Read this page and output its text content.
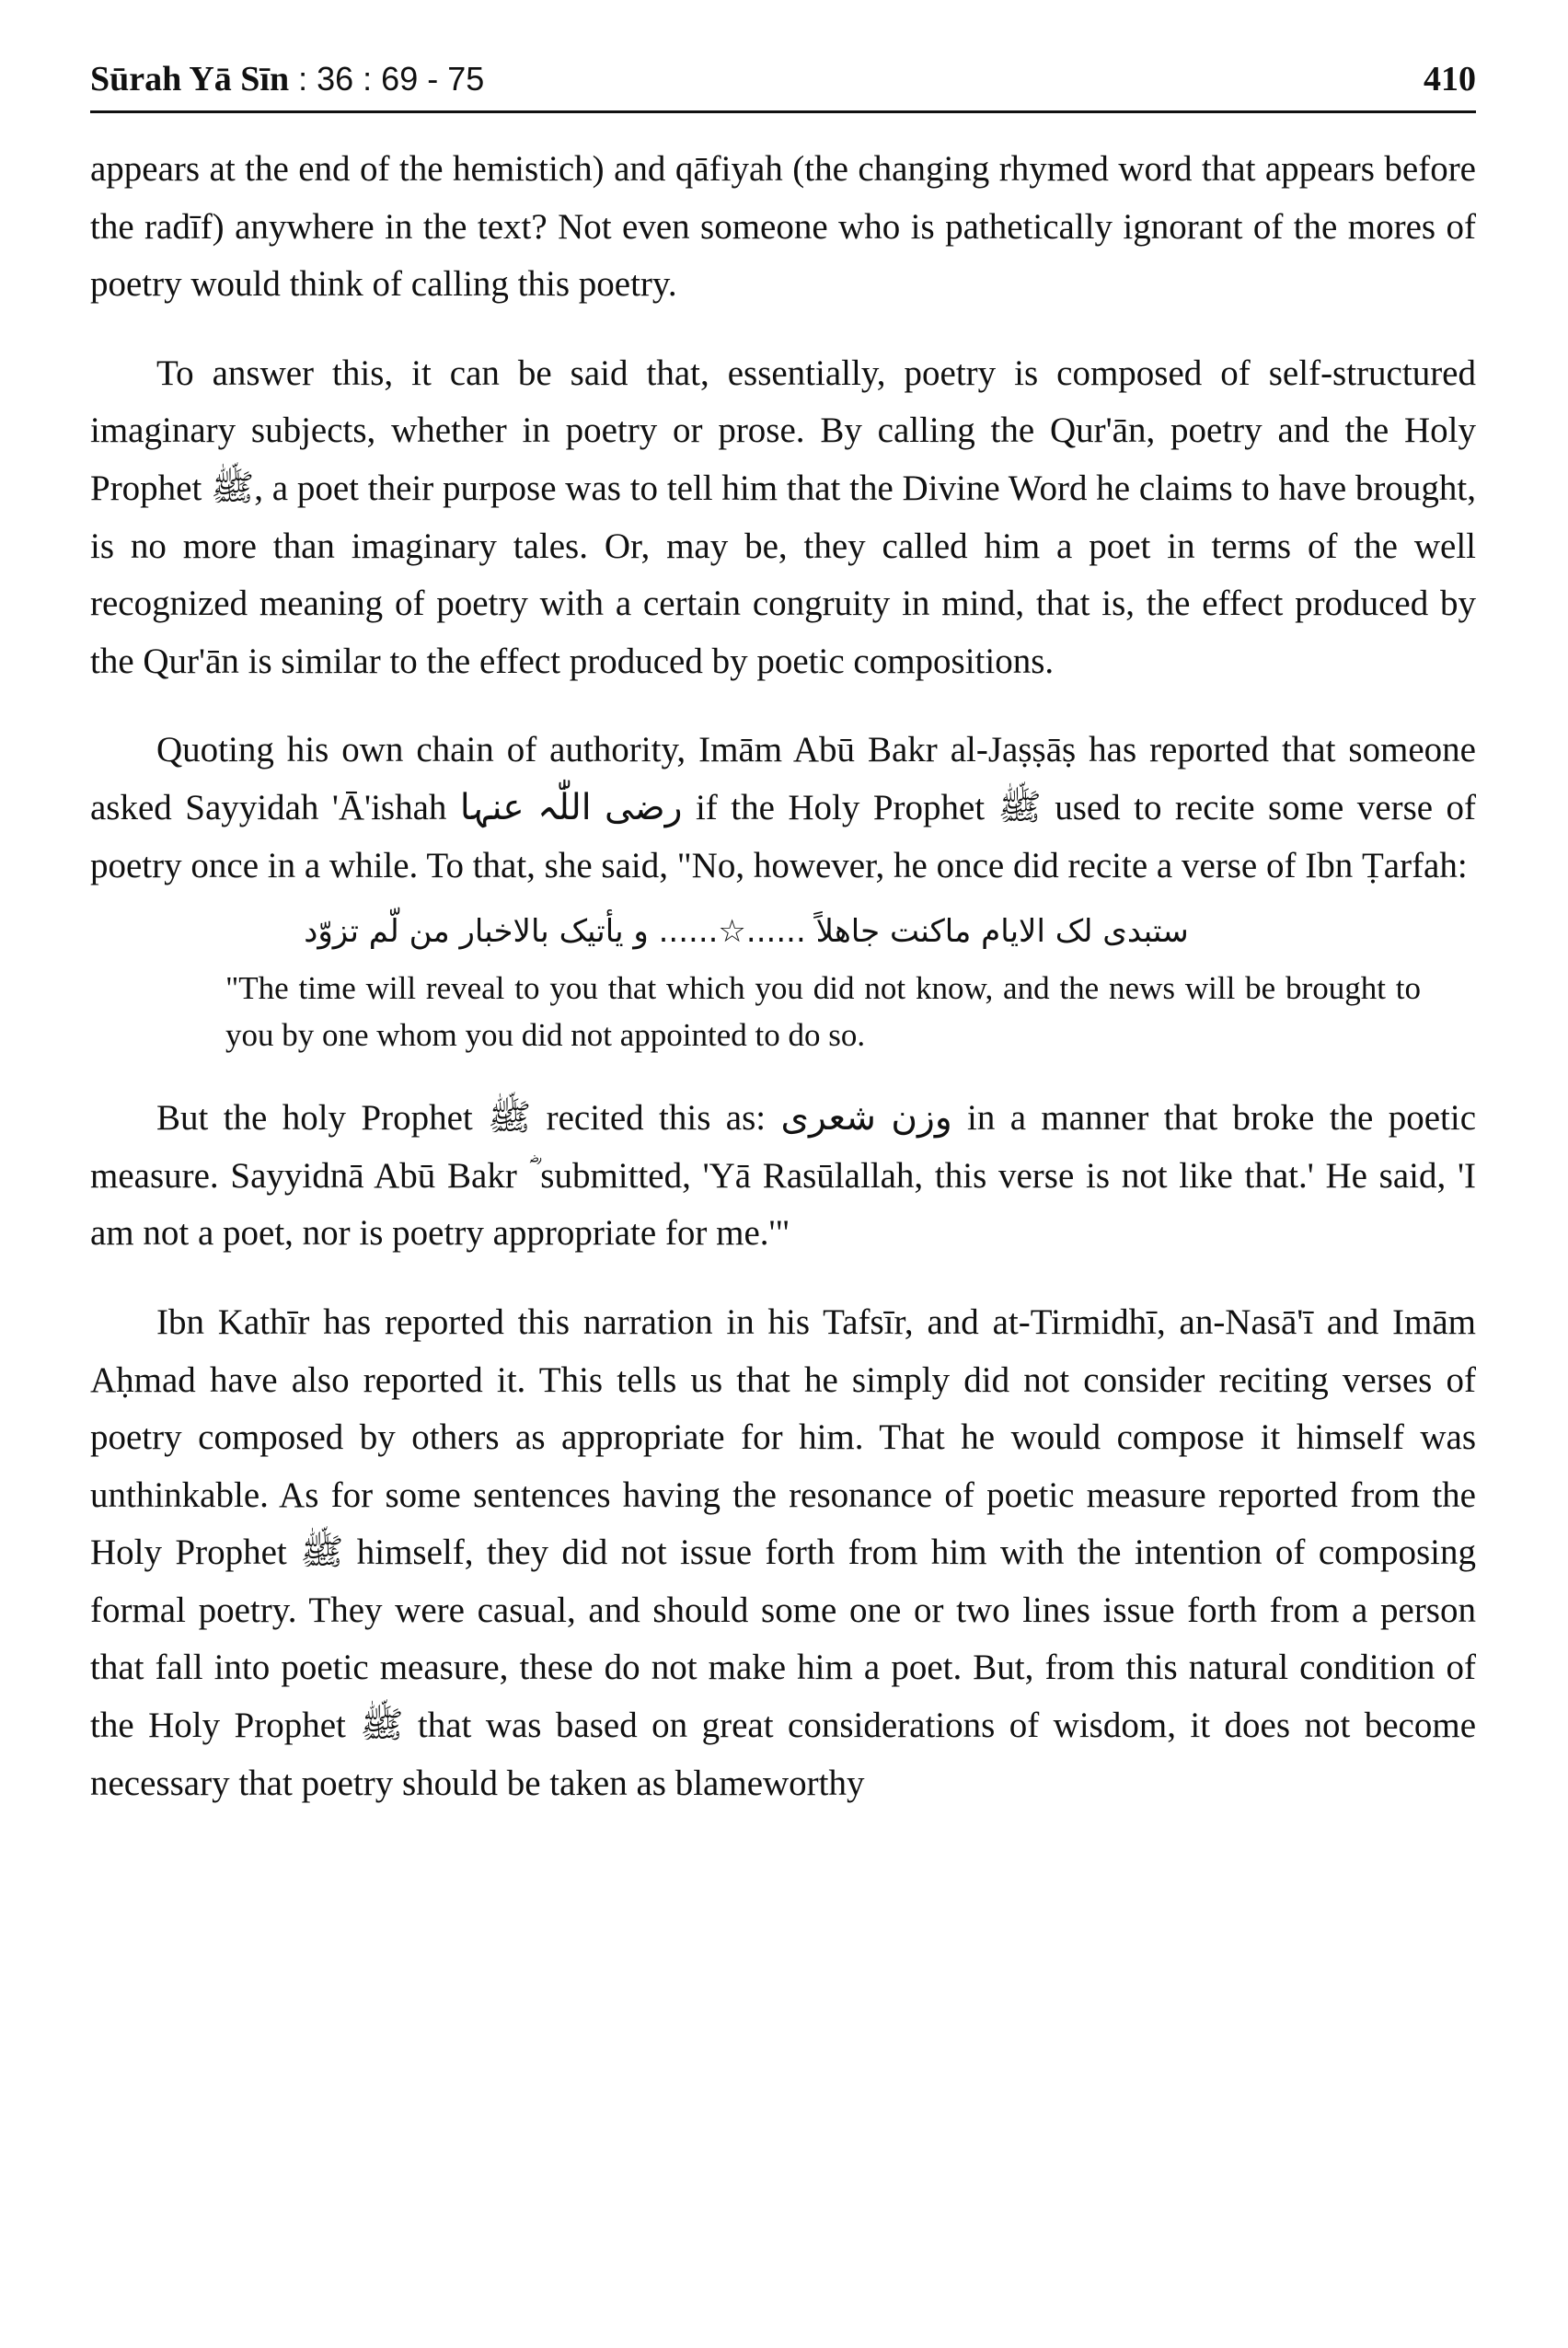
Sūrah Yā Sīn : 36 : 69 - 75	410

appears at the end of the hemistich) and qāfiyah (the changing rhymed word that appears before the radīf) anywhere in the text? Not even someone who is pathetically ignorant of the mores of poetry would think of calling this poetry.

To answer this, it can be said that, essentially, poetry is composed of self-structured imaginary subjects, whether in poetry or prose. By calling the Qur'ān, poetry and the Holy Prophet ﷺ, a poet their purpose was to tell him that the Divine Word he claims to have brought, is no more than imaginary tales. Or, may be, they called him a poet in terms of the well recognized meaning of poetry with a certain congruity in mind, that is, the effect produced by the Qur'ān is similar to the effect produced by poetic compositions.

Quoting his own chain of authority, Imām Abū Bakr al-Jaṣṣāṣ has reported that someone asked Sayyidah 'Ā'ishah رضی اللّٰہ عنہا if the Holy Prophet ﷺ used to recite some verse of poetry once in a while. To that, she said, "No, however, he once did recite a verse of Ibn Ṭarfah:

ستبدی لک الایام ماکنت جاھلاً ......☆...... و یأتیک بالاخبار من لّم تزوّد

"The time will reveal to you that which you did not know, and the news will be brought to you by one whom you did not appointed to do so.

But the holy Prophet ﷺ recited this as: وزن شعری in a manner that broke the poetic measure. Sayyidnā Abū Bakr ؓ submitted, 'Yā Rasūlallah, this verse is not like that.' He said, 'I am not a poet, nor is poetry appropriate for me.'"

Ibn Kathīr has reported this narration in his Tafsīr, and at-Tirmidhī, an-Nasā'ī and Imām Aḥmad have also reported it. This tells us that he simply did not consider reciting verses of poetry composed by others as appropriate for him. That he would compose it himself was unthinkable. As for some sentences having the resonance of poetic measure reported from the Holy Prophet ﷺ himself, they did not issue forth from him with the intention of composing formal poetry. They were casual, and should some one or two lines issue forth from a person that fall into poetic measure, these do not make him a poet. But, from this natural condition of the Holy Prophet ﷺ that was based on great considerations of wisdom, it does not become necessary that poetry should be taken as blameworthy
